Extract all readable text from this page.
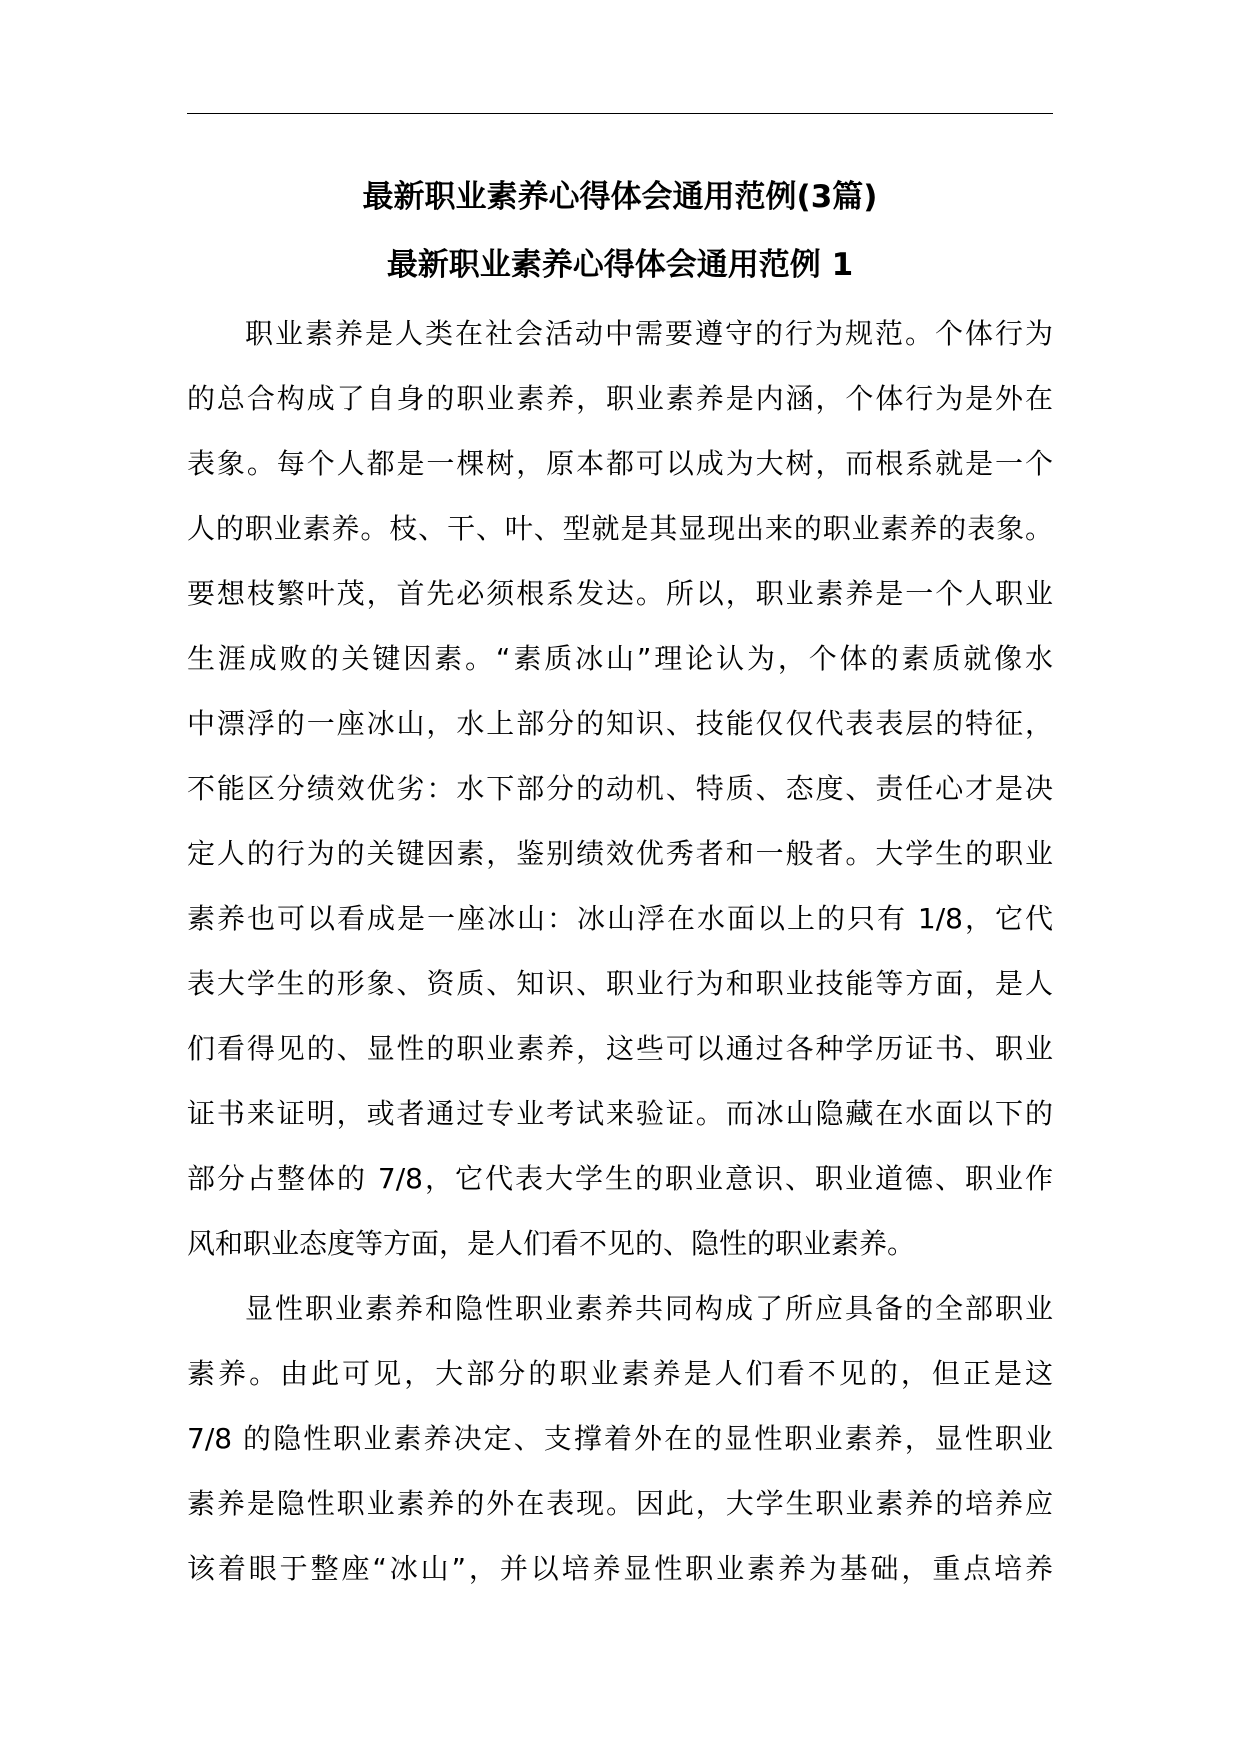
最新职业素养心得体会通用范例(3篇)
最新职业素养心得体会通用范例 1

职业素养是人类在社会活动中需要遵守的行为规范。个体行为
的总合构成了自身的职业素养，职业素养是内涵，个体行为是外在
表象。每个人都是一棵树，原本都可以成为大树，而根系就是一个
人的职业素养。枝、干、叶、型就是其显现出来的职业素养的表象。
要想枝繁叶茂，首先必须根系发达。所以，职业素养是一个人职业
生涯成败的关键因素。“素质冰山”理论认为，个体的素质就像水
中漂浮的一座冰山，水上部分的知识、技能仅仅代表表层的特征，
不能区分绩效优劣：水下部分的动机、特质、态度、责任心才是决
定人的行为的关键因素，鉴别绩效优秀者和一般者。大学生的职业
素养也可以看成是一座冰山：冰山浮在水面以上的只有 1/8，它代
表大学生的形象、资质、知识、职业行为和职业技能等方面，是人
们看得见的、显性的职业素养，这些可以通过各种学历证书、职业
证书来证明，或者通过专业考试来验证。而冰山隐藏在水面以下的
部分占整体的 7/8，它代表大学生的职业意识、职业道德、职业作
风和职业态度等方面，是人们看不见的、隐性的职业素养。

显性职业素养和隐性职业素养共同构成了所应具备的全部职业
素养。由此可见，大部分的职业素养是人们看不见的，但正是这
7/8 的隐性职业素养决定、支撑着外在的显性职业素养，显性职业
素养是隐性职业素养的外在表现。因此，大学生职业素养的培养应
该着眼于整座“冰山”，并以培养显性职业素养为基础，重点培养
